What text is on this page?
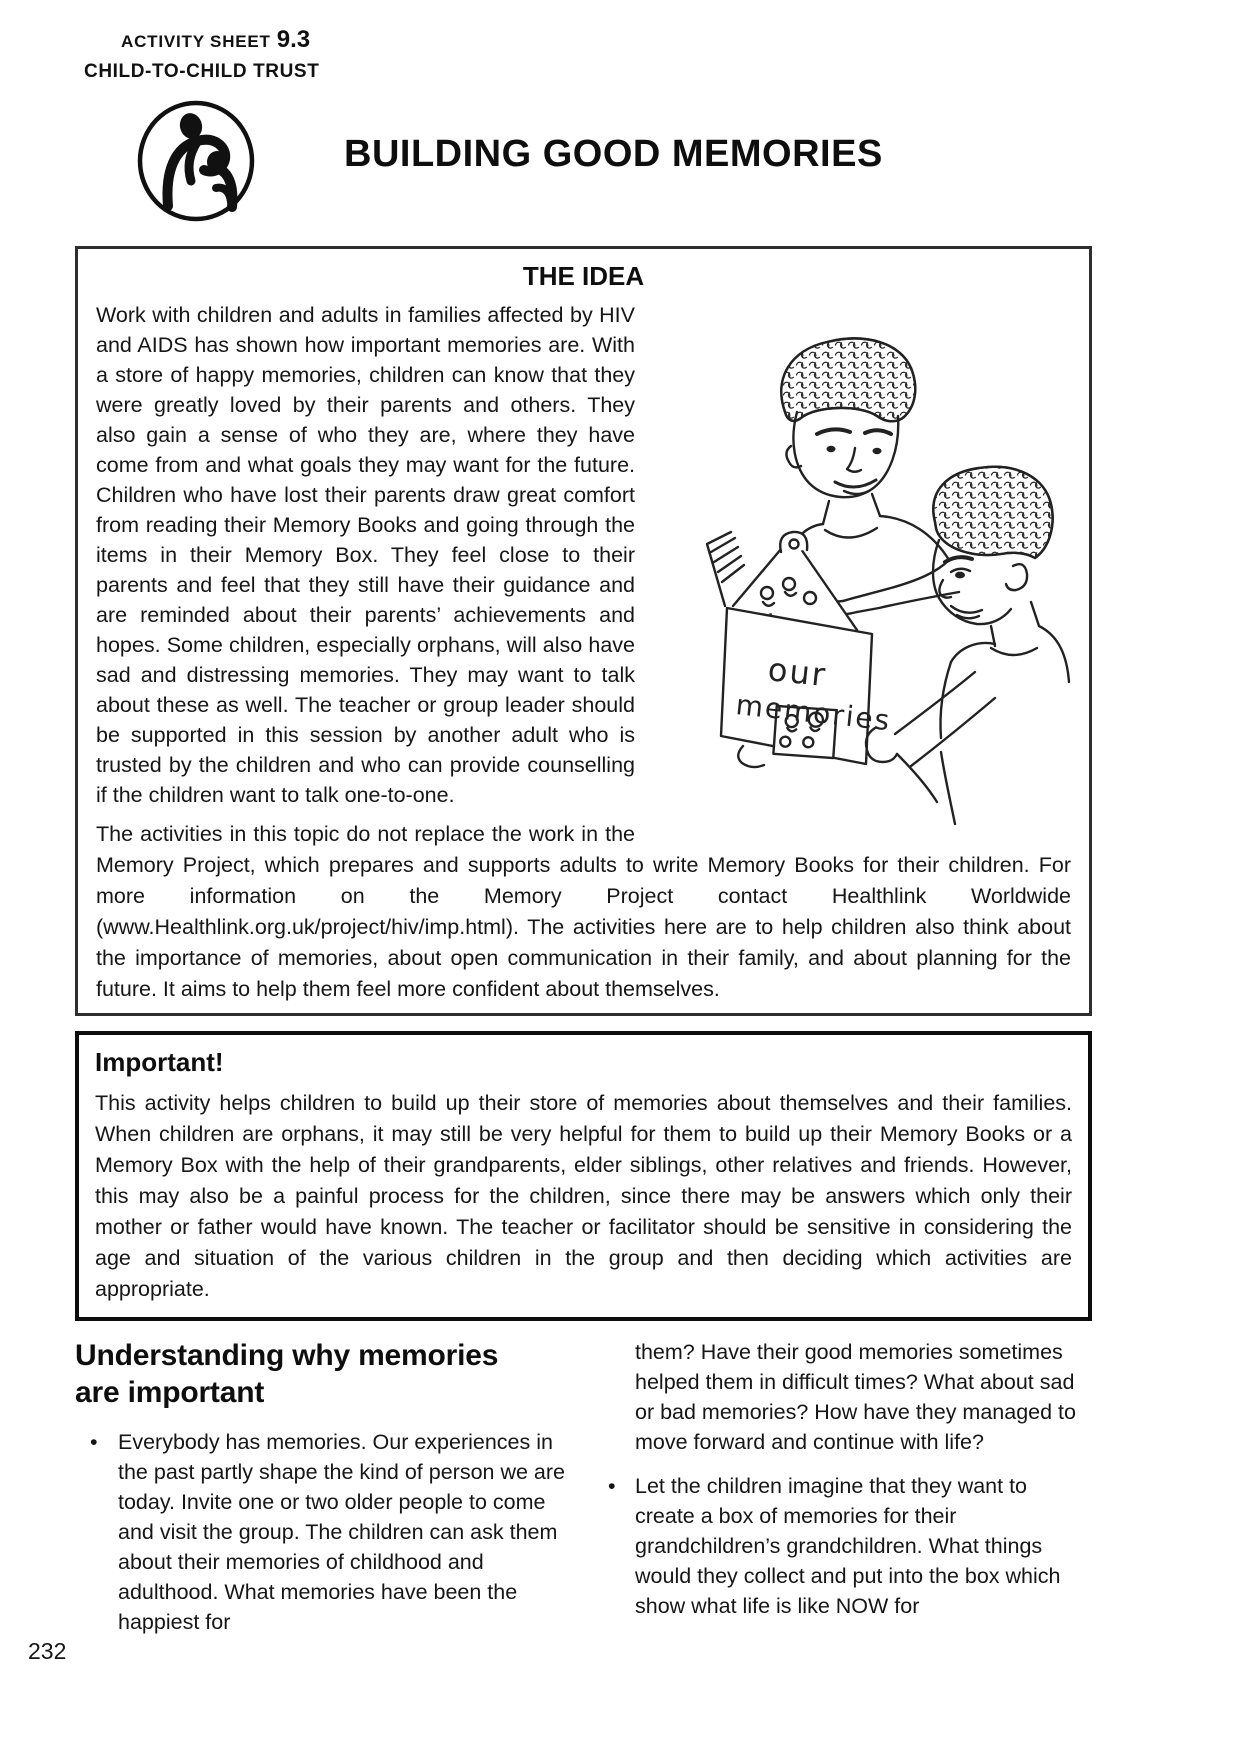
ACTIVITY SHEET 9.3
CHILD-TO-CHILD TRUST
BUILDING GOOD MEMORIES
THE IDEA
our
memories

Work with children and adults in families affected by HIV and AIDS has shown how important memories are. With a store of happy memories, children can know that they were greatly loved by their parents and others. They also gain a sense of who they are, where they have come from and what goals they may want for the future. Children who have lost their parents draw great comfort from reading their Memory Books and going through the items in their Memory Box. They feel close to their parents and feel that they still have their guidance and are reminded about their parents’ achievements and hopes. Some children, especially orphans, will also have sad and distressing memories. They may want to talk about these as well. The teacher or group leader should be supported in this session by another adult who is trusted by the children and who can provide counselling if the children want to talk one-to-one.

The activities in this topic do not replace the work in the Memory Project, which prepares and supports adults to write Memory Books for their children. For more information on the Memory Project contact Healthlink Worldwide (www.Healthlink.org.uk/project/hiv/imp.html). The activities here are to help children also think about the importance of memories, about open communication in their family, and about planning for the future. It aims to help them feel more confident about themselves.

Important!
This activity helps children to build up their store of memories about themselves and their families. When children are orphans, it may still be very helpful for them to build up their Memory Books or a Memory Box with the help of their grandparents, elder siblings, other relatives and friends. However, this may also be a painful process for the children, since there may be answers which only their mother or father would have known. The teacher or facilitator should be sensitive in considering the age and situation of the various children in the group and then deciding which activities are appropriate.
Understanding why memories are important
• Everybody has memories. Our experiences in the past partly shape the kind of person we are today. Invite one or two older people to come and visit the group. The children can ask them about their memories of childhood and adulthood. What memories have been the happiest for
them? Have their good memories sometimes helped them in difficult times? What about sad or bad memories? How have they managed to move forward and continue with life?
• Let the children imagine that they want to create a box of memories for their grandchildren’s grandchildren. What things would they collect and put into the box which show what life is like NOW for
232
